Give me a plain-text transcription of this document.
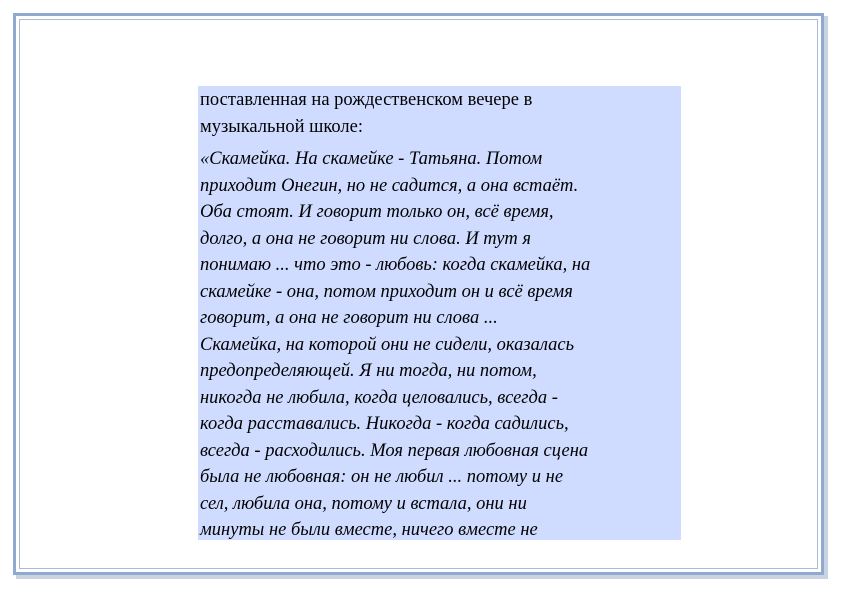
поставленная на рождественском вечере в
музыкальной школе:

«Скамейка. На скамейке - Татьяна. Потом
приходит Онегин, но не садится, а она встаёт.
Оба стоят. И говорит только он, всё время,
долго, а она не говорит ни слова. И тут я
понимаю ... что это - любовь: когда скамейка, на
скамейке - она, потом приходит он и всё время
говорит, а она не говорит ни слова ...
Скамейка, на которой они не сидели, оказалась
предопределяющей. Я ни тогда, ни потом,
никогда не любила, когда целовались, всегда -
когда расставались. Никогда - когда садились,
всегда - расходились. Моя первая любовная сцена
была не любовная: он не любил ... потому и не
сел, любила она, потому и встала, они ни
минуты не были вместе, ничего вместе не
